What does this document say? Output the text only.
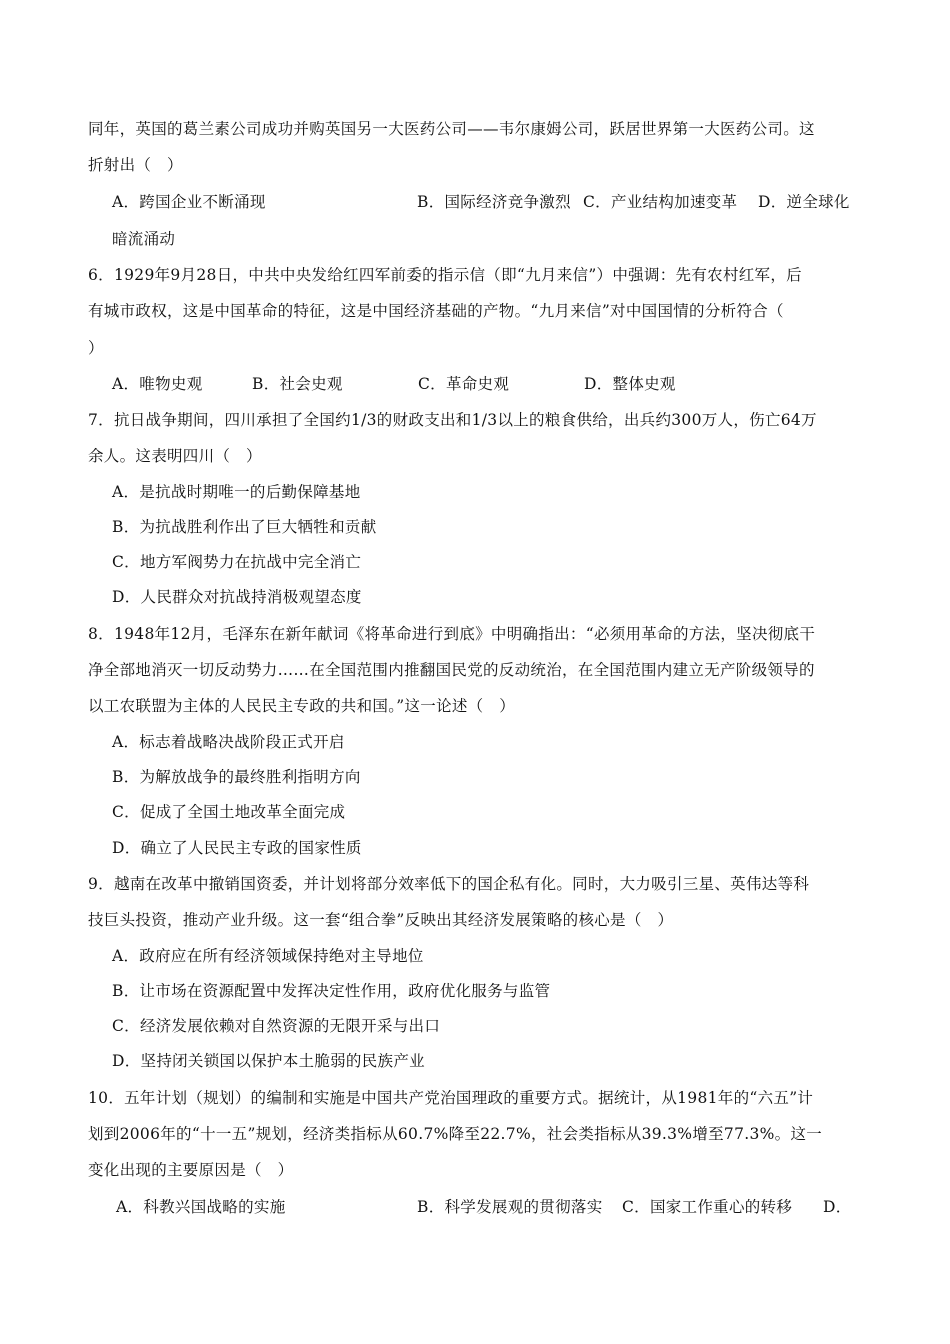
同年，英国的葛兰素公司成功并购英国另一大医药公司——韦尔康姆公司，跃居世界第一大医药公司。这
折射出（　）
A．跨国企业不断涌现	B．国际经济竞争激烈 C．产业结构加速变革 D．逆全球化
暗流涌动
6．1929年9月28日，中共中央发给红四军前委的指示信（即“九月来信”）中强调：先有农村红军，后
有城市政权，这是中国革命的特征，这是中国经济基础的产物。“九月来信”对中国国情的分析符合（
）
A．唯物史观	B．社会史观	C．革命史观	D．整体史观
7．抗日战争期间，四川承担了全国约1/3的财政支出和1/3以上的粮食供给，出兵约300万人，伤亡64万
余人。这表明四川（　）
A．是抗战时期唯一的后勤保障基地
B．为抗战胜利作出了巨大牺牲和贡献
C．地方军阀势力在抗战中完全消亡
D．人民群众对抗战持消极观望态度
8．1948年12月，毛泽东在新年献词《将革命进行到底》中明确指出：“必须用革命的方法，坚决彻底干
净全部地消灭一切反动势力……在全国范围内推翻国民党的反动统治，在全国范围内建立无产阶级领导的
以工农联盟为主体的人民民主专政的共和国。”这一论述（　）
A．标志着战略决战阶段正式开启
B．为解放战争的最终胜利指明方向
C．促成了全国土地改革全面完成
D．确立了人民民主专政的国家性质
9．越南在改革中撤销国资委，并计划将部分效率低下的国企私有化。同时，大力吸引三星、英伟达等科
技巨头投资，推动产业升级。这一套“组合拳”反映出其经济发展策略的核心是（　）
A．政府应在所有经济领域保持绝对主导地位
B．让市场在资源配置中发挥决定性作用，政府优化服务与监管
C．经济发展依赖对自然资源的无限开采与出口
D．坚持闭关锁国以保护本土脆弱的民族产业
10．五年计划（规划）的编制和实施是中国共产党治国理政的重要方式。据统计，从1981年的“六五”计
划到2006年的“十一五”规划，经济类指标从60.7%降至22.7%，社会类指标从39.3%增至77.3%。这一
变化出现的主要原因是（　）
A．科教兴国战略的实施	B．科学发展观的贯彻落实 C．国家工作重心的转移 D．
